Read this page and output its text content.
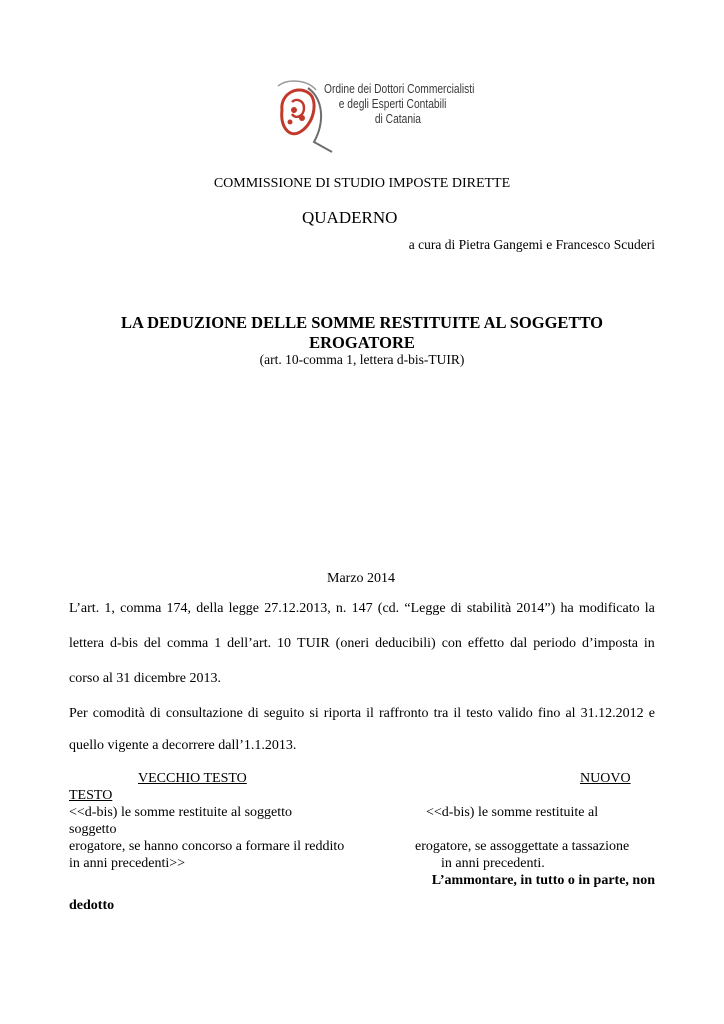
Ordine dei Dottori Commercialisti
e degli Esperti Contabili
di Catania
COMMISSIONE DI STUDIO IMPOSTE DIRETTE
QUADERNO
a cura di Pietra Gangemi e Francesco Scuderi
LA DEDUZIONE DELLE SOMME RESTITUITE AL SOGGETTO
EROGATORE
(art. 10-comma 1, lettera d-bis-TUIR)
Marzo 2014
L’art. 1, comma 174, della legge 27.12.2013, n. 147 (cd. “Legge di stabilità 2014”) ha modificato la
lettera d-bis del comma 1 dell’art. 10 TUIR (oneri deducibili) con effetto dal periodo d’imposta in
corso al 31 dicembre 2013.
Per comodità di consultazione di seguito si riporta il raffronto tra il testo valido fino al 31.12.2012 e
quello vigente a decorrere dall’1.1.2013.
VECCHIO TESTO	NUOVO
TESTO
<<d-bis) le somme restituite al soggetto	<<d-bis) le somme restituite al
soggetto
erogatore, se hanno concorso a formare il reddito	erogatore, se assoggettate a tassazione
in anni precedenti>>	in anni precedenti.
L’ammontare, in tutto o in parte, non
dedotto
